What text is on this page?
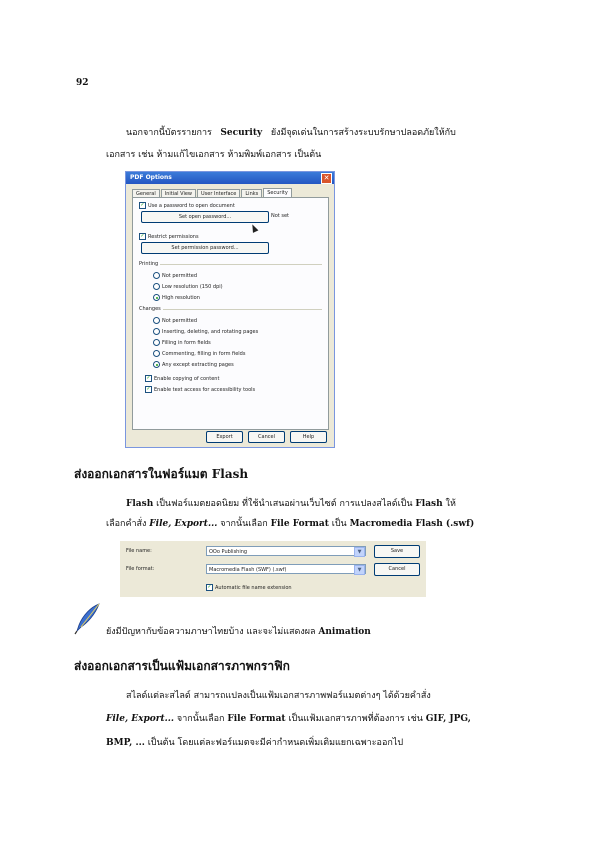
92
นอกจากนี้บัตรรายการ Security ยังมีจุดเด่นในการสร้างระบบรักษาปลอดภัยให้กับ
เอกสาร เช่น ห้ามแก้ไขเอกสาร ห้ามพิมพ์เอกสาร เป็นต้น
PDF Options	✕
General	Initial View	User Interface	Links	Security
✓ Use a password to open document
Set open password...	Not set
✓ Restrict permissions
Set permission password...
Printing
Not permitted
Low resolution (150 dpi)
High resolution
Changes
Not permitted
Inserting, deleting, and rotating pages
Filling in form fields
Commenting, filling in form fields
Any except extracting pages
✓ Enable copying of content
✓ Enable text access for accessibility tools
Export	Cancel	Help
ส่งออกเอกสารในฟอร์แมต Flash
Flash เป็นฟอร์แมตยอดนิยม ที่ใช้นำเสนอผ่านเว็บไซต์ การแปลงสไลด์เป็น Flash ให้
เลือกคำสั่ง File, Export... จากนั้นเลือก File Format เป็น Macromedia Flash (.swf)
File name:	OOo Publishing	▼
File format:	Macromedia Flash (SWF) (.swf)	▼
✓ Automatic file name extension
Save
Cancel
ยังมีปัญหากับข้อความภาษาไทยบ้าง และจะไม่แสดงผล Animation
ส่งออกเอกสารเป็นแฟ้มเอกสารภาพกราฟิก
สไลด์แต่ละสไลด์ สามารถแปลงเป็นแฟ้มเอกสารภาพฟอร์แมตต่างๆ ได้ด้วยคำสั่ง
File, Export... จากนั้นเลือก File Format เป็นแฟ้มเอกสารภาพที่ต้องการ เช่น GIF, JPG,
BMP, ... เป็นต้น โดยแต่ละฟอร์แมตจะมีค่ากำหนดเพิ่มเติมแยกเฉพาะออกไป
